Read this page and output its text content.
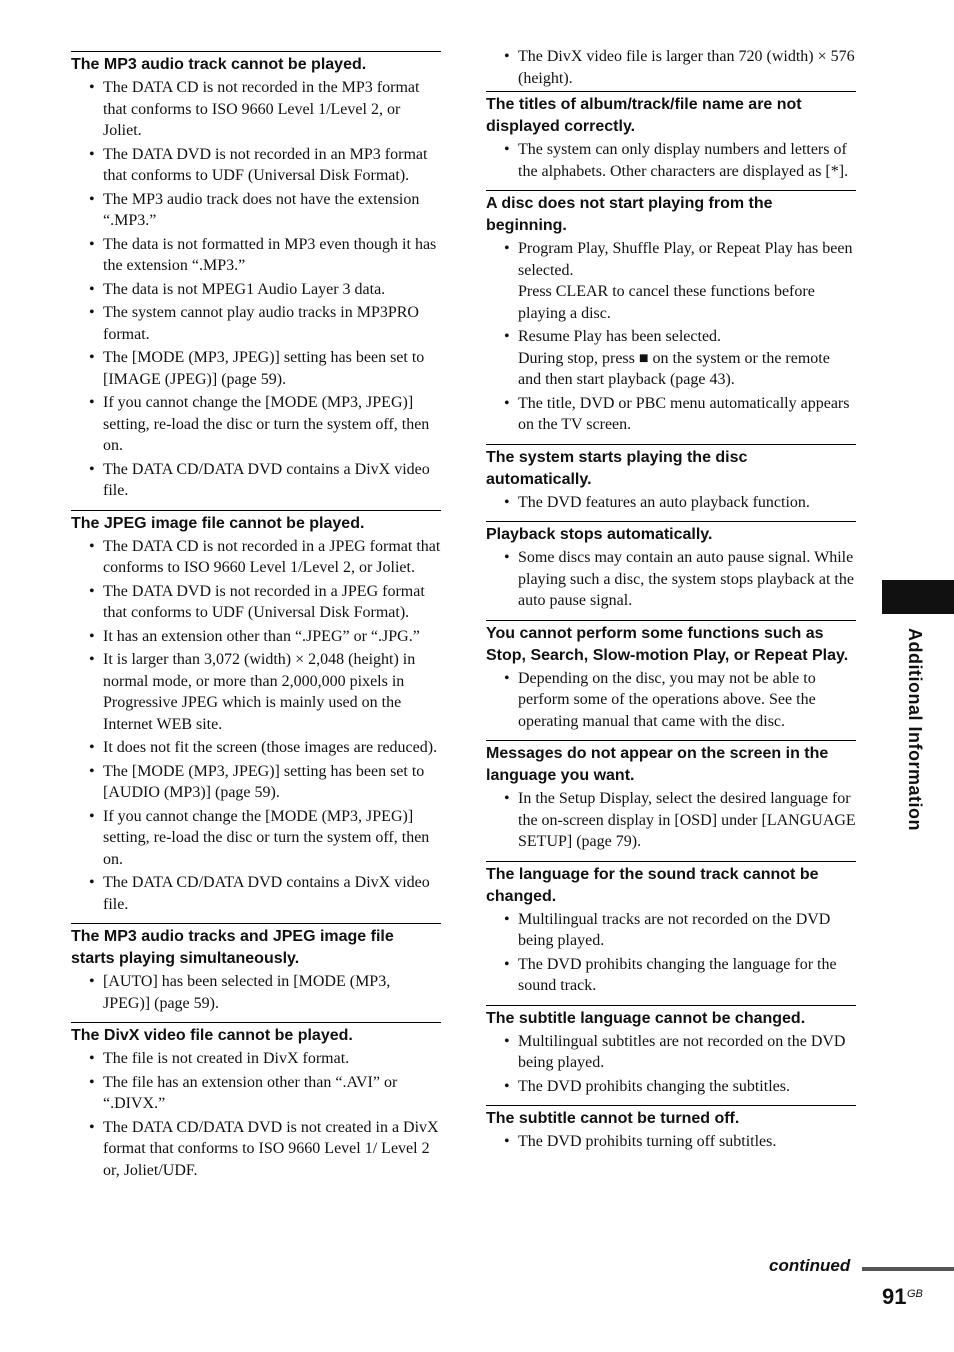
The MP3 audio track cannot be played.
• The DATA CD is not recorded in the MP3 format that conforms to ISO 9660 Level 1/Level 2, or Joliet.
• The DATA DVD is not recorded in an MP3 format that conforms to UDF (Universal Disk Format).
• The MP3 audio track does not have the extension “.MP3.”
• The data is not formatted in MP3 even though it has the extension “.MP3.”
• The data is not MPEG1 Audio Layer 3 data.
• The system cannot play audio tracks in MP3PRO format.
• The [MODE (MP3, JPEG)] setting has been set to [IMAGE (JPEG)] (page 59).
• If you cannot change the [MODE (MP3, JPEG)] setting, re-load the disc or turn the system off, then on.
• The DATA CD/DATA DVD contains a DivX video file.
The JPEG image file cannot be played.
• The DATA CD is not recorded in a JPEG format that conforms to ISO 9660 Level 1/Level 2, or Joliet.
• The DATA DVD is not recorded in a JPEG format that conforms to UDF (Universal Disk Format).
• It has an extension other than “.JPEG” or “.JPG.”
• It is larger than 3,072 (width) × 2,048 (height) in normal mode, or more than 2,000,000 pixels in Progressive JPEG which is mainly used on the Internet WEB site.
• It does not fit the screen (those images are reduced).
• The [MODE (MP3, JPEG)] setting has been set to [AUDIO (MP3)] (page 59).
• If you cannot change the [MODE (MP3, JPEG)] setting, re-load the disc or turn the system off, then on.
• The DATA CD/DATA DVD contains a DivX video file.
The MP3 audio tracks and JPEG image file starts playing simultaneously.
• [AUTO] has been selected in [MODE (MP3, JPEG)] (page 59).
The DivX video file cannot be played.
• The file is not created in DivX format.
• The file has an extension other than “.AVI” or “.DIVX.”
• The DATA CD/DATA DVD is not created in a DivX format that conforms to ISO 9660 Level 1/ Level 2 or, Joliet/UDF.
• The DivX video file is larger than 720 (width) × 576 (height).
The titles of album/track/file name are not displayed correctly.
• The system can only display numbers and letters of the alphabets. Other characters are displayed as [*].
A disc does not start playing from the beginning.
• Program Play, Shuffle Play, or Repeat Play has been selected.
Press CLEAR to cancel these functions before playing a disc.
• Resume Play has been selected.
During stop, press ■ on the system or the remote and then start playback (page 43).
• The title, DVD or PBC menu automatically appears on the TV screen.
The system starts playing the disc automatically.
• The DVD features an auto playback function.
Playback stops automatically.
• Some discs may contain an auto pause signal. While playing such a disc, the system stops playback at the auto pause signal.
You cannot perform some functions such as Stop, Search, Slow-motion Play, or Repeat Play.
• Depending on the disc, you may not be able to perform some of the operations above. See the operating manual that came with the disc.
Messages do not appear on the screen in the language you want.
• In the Setup Display, select the desired language for the on-screen display in [OSD] under [LANGUAGE SETUP] (page 79).
The language for the sound track cannot be changed.
• Multilingual tracks are not recorded on the DVD being played.
• The DVD prohibits changing the language for the sound track.
The subtitle language cannot be changed.
• Multilingual subtitles are not recorded on the DVD being played.
• The DVD prohibits changing the subtitles.
The subtitle cannot be turned off.
• The DVD prohibits turning off subtitles.
Additional Information
continued
91 GB
